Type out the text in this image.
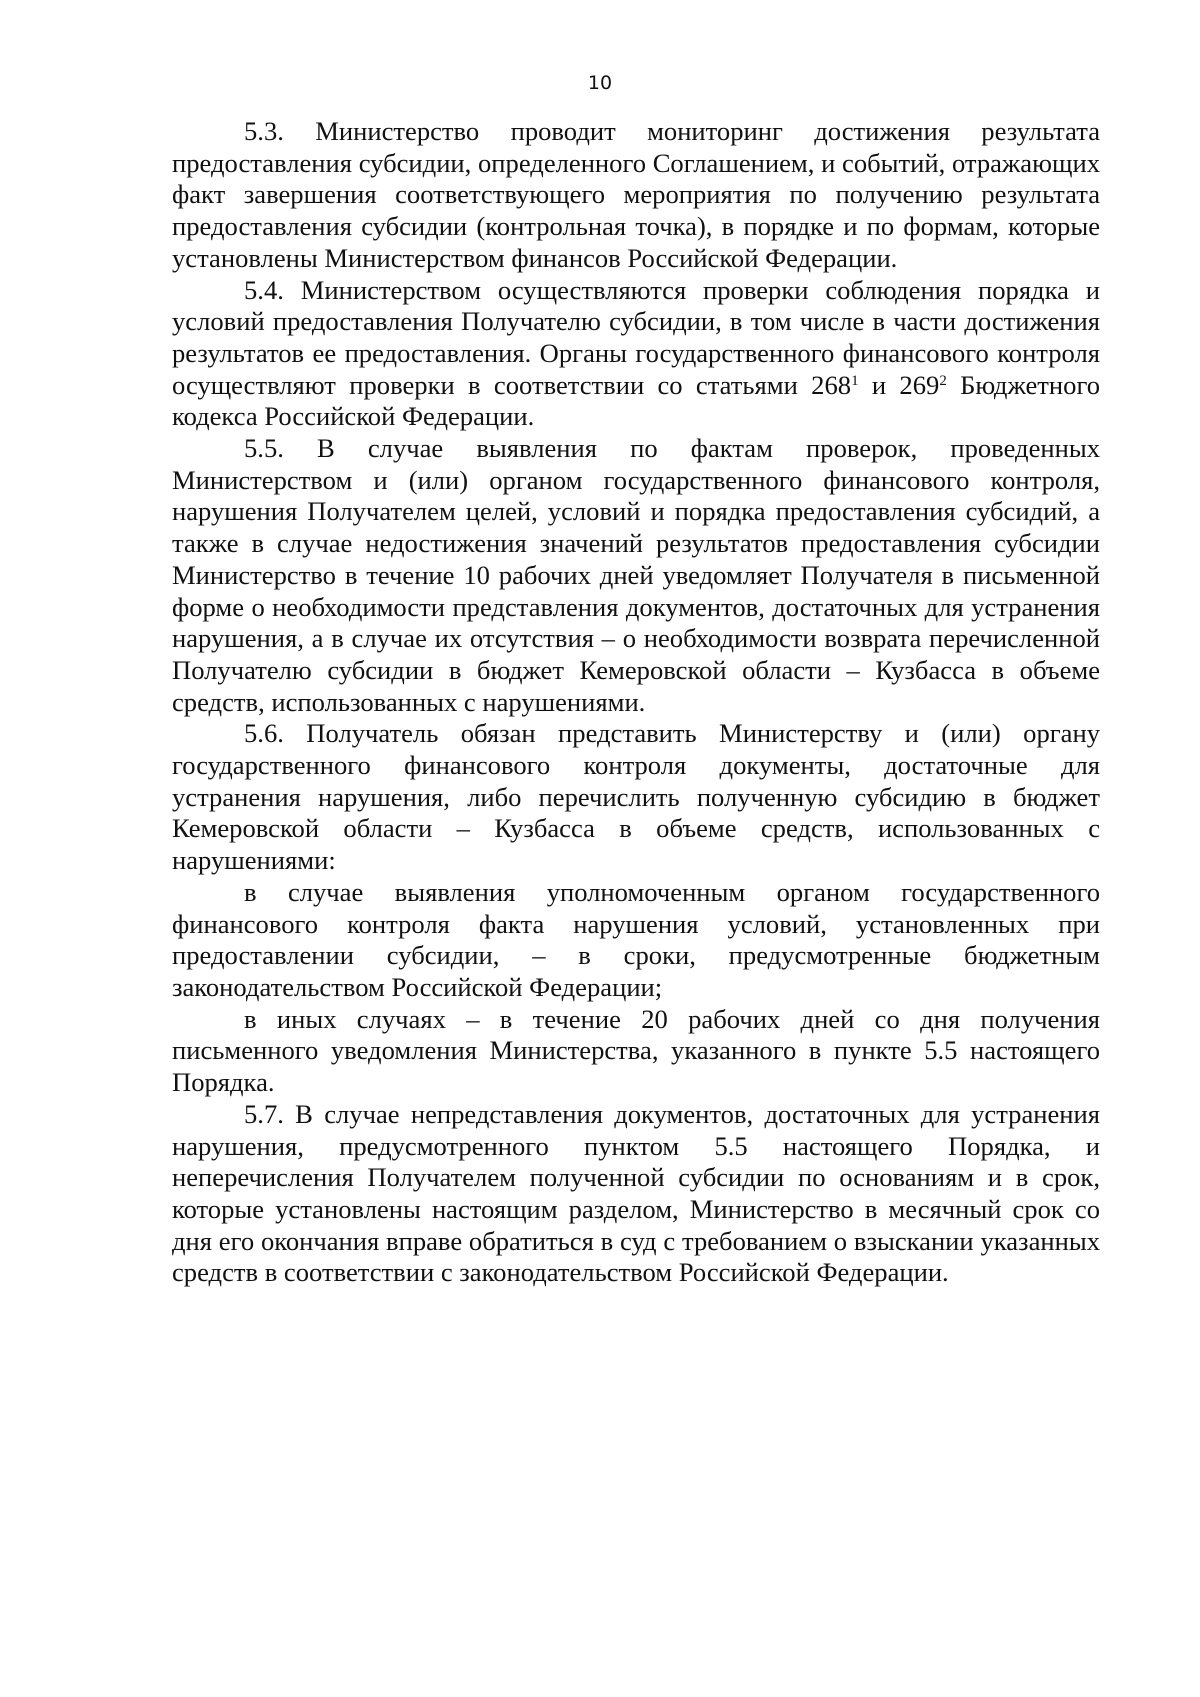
10

5.3. Министерство проводит мониторинг достижения результата предоставления субсидии, определенного Соглашением, и событий, отражающих факт завершения соответствующего мероприятия по получению результата предоставления субсидии (контрольная точка), в порядке и по формам, которые установлены Министерством финансов Российской Федерации.

5.4. Министерством осуществляются проверки соблюдения порядка и условий предоставления Получателю субсидии, в том числе в части достижения результатов ее предоставления. Органы государственного финансового контроля осуществляют проверки в соответствии со статьями $268^1$ и $269^2$ Бюджетного кодекса Российской Федерации.

5.5. В случае выявления по фактам проверок, проведенных Министерством и (или) органом государственного финансового контроля, нарушения Получателем целей, условий и порядка предоставления субсидий, а также в случае недостижения значений результатов предоставления субсидии Министерство в течение 10 рабочих дней уведомляет Получателя в письменной форме о необходимости представления документов, достаточных для устранения нарушения, а в случае их отсутствия – о необходимости возврата перечисленной Получателю субсидии в бюджет Кемеровской области – Кузбасса в объеме средств, использованных с нарушениями.

5.6. Получатель обязан представить Министерству и (или) органу государственного финансового контроля документы, достаточные для устранения нарушения, либо перечислить полученную субсидию в бюджет Кемеровской области – Кузбасса в объеме средств, использованных с нарушениями:

в случае выявления уполномоченным органом государственного финансового контроля факта нарушения условий, установленных при предоставлении субсидии, – в сроки, предусмотренные бюджетным законодательством Российской Федерации;

в иных случаях – в течение 20 рабочих дней со дня получения письменного уведомления Министерства, указанного в пункте 5.5 настоящего Порядка.

5.7. В случае непредставления документов, достаточных для устранения нарушения, предусмотренного пунктом 5.5 настоящего Порядка, и неперечисления Получателем полученной субсидии по основаниям и в срок, которые установлены настоящим разделом, Министерство в месячный срок со дня его окончания вправе обратиться в суд с требованием о взыскании указанных средств в соответствии с законодательством Российской Федерации.
